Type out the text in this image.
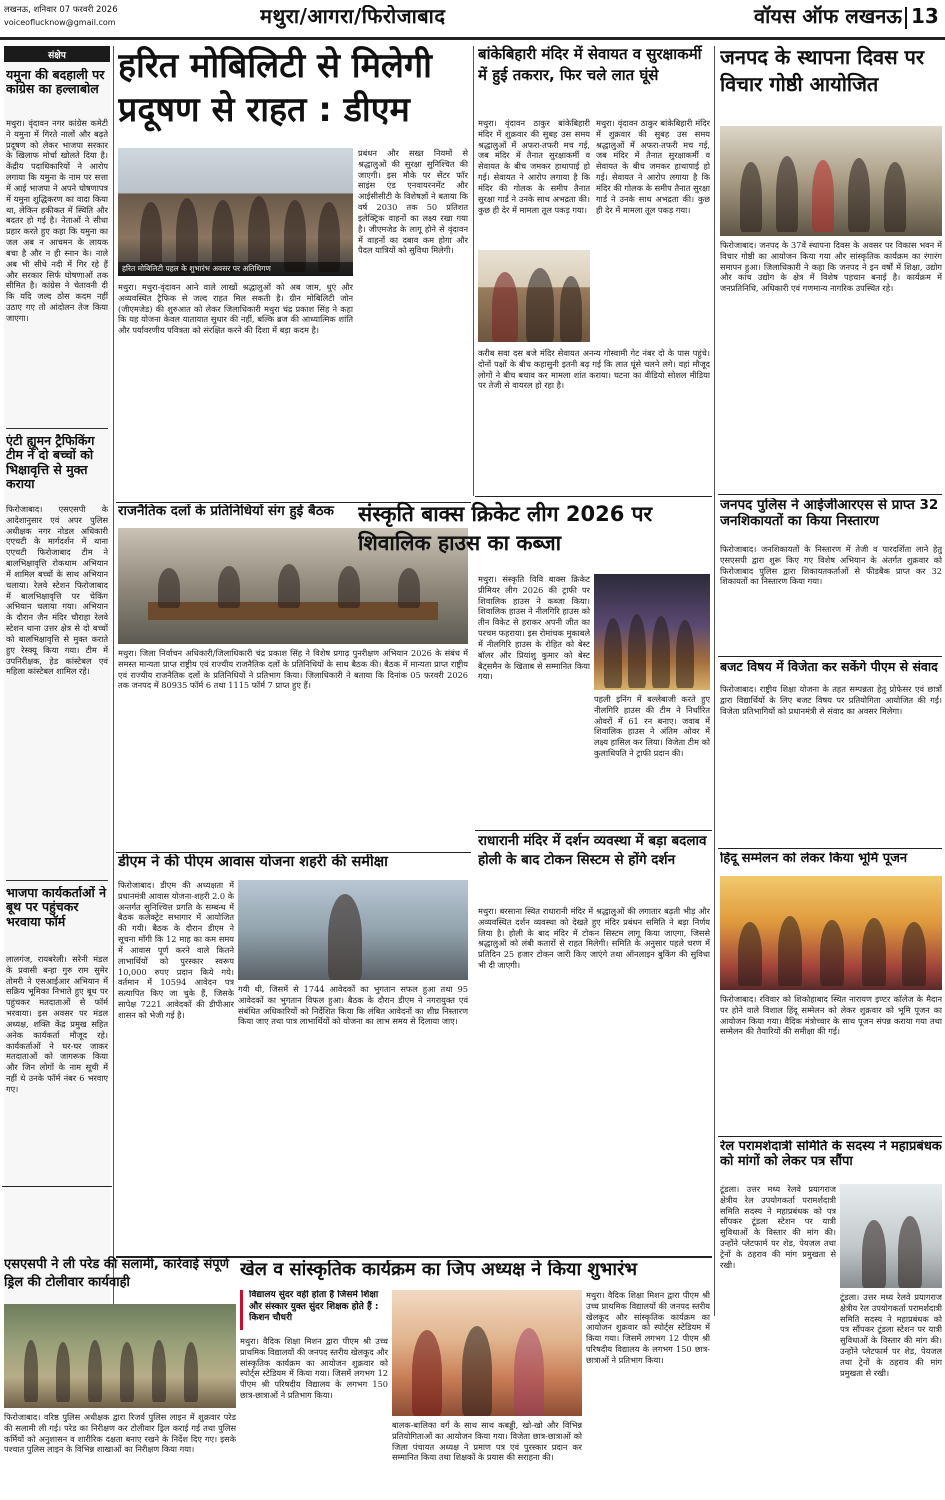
लखनऊ, शनिवार 07 फरवरी 2026
voiceoflucknow@gmail.com	मथुरा/आगरा/फिरोजाबाद	वॉयस ऑफ लखनऊ 13
संक्षेप
यमुना की बदहाली पर कांग्रेस का हल्लाबोल
मथुरा। वृंदावन नगर कांग्रेस कमेटी ने यमुना में गिरते नालों और बढ़ते प्रदूषण को लेकर भाजपा सरकार के खिलाफ मोर्चा खोलते दिया है। केंद्रीय पदाधिकारियों ने आरोप लगाया कि यमुना के नाम पर सत्ता में आई भाजपा ने अपने घोषणापत्र में यमुना शुद्धिकरण का वादा किया था, लेकिन हकीकत में स्थिति और बदतर हो गई है। नेताओं ने सीधा प्रहार करते हुए कहा कि यमुना का जल अब न आचमन के लायक बचा है और न ही स्नान के। नाले अब भी सीधे नदी में गिर रहे हैं और सरकार सिर्फ घोषणाओं तक सीमित है। कांग्रेस ने चेतावनी दी कि यदि जल्द ठोस कदम नहीं उठाए गए तो आंदोलन तेज किया जाएगा।
एंटी ह्यूमन ट्रैफिकिंग टीम ने दो बच्चों को भिक्षावृत्ति से मुक्त कराया
फिरोजाबाद। एसएसपी के आदेशानुसार एवं अपर पुलिस अधीक्षक नगर नोडल अधिकारी एएचटी के मार्गदर्शन में थाना एएचटी फिरोजाबाद टीम ने बालभिक्षावृत्ति रोकथाम अभियान में शामिल बच्चों के साथ अभियान चलाया। रेलवे स्टेशन फिरोजाबाद में बालभिक्षावृत्ति पर चेकिंग अभियान चलाया गया। अभियान के दौरान जैन मंदिर चौराहा रेलवे स्टेशन थाना उत्तर क्षेत्र से दो बच्चों को बालभिक्षावृत्ति से मुक्त कराते हुए रेस्क्यू किया गया। टीम में उपनिरीक्षक, हेड कांस्टेबल एवं महिला कांस्टेबल शामिल रहे।
भाजपा कार्यकर्ताओं ने बूथ पर पहुंचकर भरवाया फॉर्म
लालगंज, रायबरेली। सरेनी मंडल के प्रवासी बन्हा गुरु राम सुमेर तोमरी ने एसआईआर अभियान में सक्रिय भूमिका निभाते हुए बूथ पर पहुंचकर मतदाताओं से फॉर्म भरवाया। इस अवसर पर मंडल अध्यक्ष, शक्ति केंद्र प्रमुख सहित अनेक कार्यकर्ता मौजूद रहे। कार्यकर्ताओं ने घर-घर जाकर मतदाताओं को जागरूक किया और जिन लोगों के नाम सूची में नहीं थे उनके फॉर्म नंबर 6 भरवाए गए।
हरित मोबिलिटी से मिलेगी प्रदूषण से राहत : डीएम
हरित मोबिलिटी पहल के शुभारंभ अवसर पर अतिथिगण
मथुरा। मथुरा-वृंदावन आने वाले लाखों श्रद्धालुओं को अब जाम, धुएं और अव्यवस्थित ट्रैफिक से जल्द राहत मिल सकती है। ग्रीन मोबिलिटी जोन (जीएमजेड) की शुरुआत को लेकर जिलाधिकारी मथुरा चंद्र प्रकाश सिंह ने कहा कि यह योजना केवल यातायात सुधार की नहीं, बल्कि ब्रज की आध्यात्मिक शांति और पर्यावरणीय पवित्रता को संरक्षित करने की दिशा में बड़ा कदम है।
प्रबंधन और सख्त नियमों से श्रद्धालुओं की सुरक्षा सुनिश्चित की जाएगी। इस मौके पर सेंटर फॉर साइंस एंड एनवायरनमेंट और आईसीसीटी के विशेषज्ञों ने बताया कि वर्ष 2030 तक 50 प्रतिशत इलेक्ट्रिक वाहनों का लक्ष्य रखा गया है। जीएमजेड के लागू होने से वृंदावन में वाहनों का दबाव कम होगा और पैदल यात्रियों को सुविधा मिलेगी।
बांकेबिहारी मंदिर में सेवायत व सुरक्षाकर्मी में हुई तकरार, फिर चले लात घूंसे
मथुरा। वृंदावन ठाकुर बांकेबिहारी मंदिर में शुक्रवार की सुबह उस समय श्रद्धालुओं में अफरा-तफरी मच गई, जब मंदिर में तैनात सुरक्षाकर्मी व सेवायत के बीच जमकर हाथापाई हो गई। सेवायत ने आरोप लगाया है कि मंदिर की गोलक के समीप तैनात सुरक्षा गार्ड ने उनके साथ अभद्रता की। कुछ ही देर में मामला तूल पकड़ गया।
करीब सवा दस बजे मंदिर सेवायत अनन्य गोस्वामी गेट नंबर दो के पास पहुंचे। दोनों पक्षों के बीच कहासुनी इतनी बढ़ गई कि लात घूंसे चलने लगे। वहां मौजूद लोगों ने बीच बचाव कर मामला शांत कराया। घटना का वीडियो सोशल मीडिया पर तेजी से वायरल हो रहा है।
मथुरा। वृंदावन ठाकुर बांकेबिहारी मंदिर में शुक्रवार की सुबह उस समय श्रद्धालुओं में अफरा-तफरी मच गई, जब मंदिर में तैनात सुरक्षाकर्मी व सेवायत के बीच जमकर हाथापाई हो गई। सेवायत ने आरोप लगाया है कि मंदिर की गोलक के समीप तैनात सुरक्षा गार्ड ने उनके साथ अभद्रता की। कुछ ही देर में मामला तूल पकड़ गया।
जनपद के स्थापना दिवस पर विचार गोष्ठी आयोजित
फिरोजाबाद। जनपद के 37वें स्थापना दिवस के अवसर पर विकास भवन में विचार गोष्ठी का आयोजन किया गया और सांस्कृतिक कार्यक्रम का रंगारंग समापन हुआ। जिलाधिकारी ने कहा कि जनपद ने इन वर्षों में शिक्षा, उद्योग और कांच उद्योग के क्षेत्र में विशेष पहचान बनाई है। कार्यक्रम में जनप्रतिनिधि, अधिकारी एवं गणमान्य नागरिक उपस्थित रहे।
जनपद पुलिस ने आईजीआरएस से प्राप्त 32 जनशिकायतों का किया निस्तारण
फिरोजाबाद। जनशिकायतों के निस्तारण में तेजी व पारदर्शिता लाने हेतु एसएसपी द्वारा शुरू किए गए विशेष अभियान के अंतर्गत शुक्रवार को फिरोजाबाद पुलिस द्वारा शिकायतकर्ताओं से फीडबैक प्राप्त कर 32 शिकायतों का निस्तारण किया गया।
बजट विषय में विजेता कर सकेंगे पीएम से संवाद
फिरोजाबाद। राष्ट्रीय शिक्षा योजना के तहत सम्पन्नता हेतु प्रोफेसर एवं छात्रों द्वारा विद्यार्थियों के लिए बजट विषय पर प्रतियोगिता आयोजित की गई। विजेता प्रतिभागियों को प्रधानमंत्री से संवाद का अवसर मिलेगा।
हिंदू सम्मेलन को लेकर किया भूमि पूजन
फिरोजाबाद। रविवार को शिकोहाबाद स्थित नारायण इण्टर कॉलेज के मैदान पर होने वाले विशाल हिंदू सम्मेलन को लेकर शुक्रवार को भूमि पूजन का आयोजन किया गया। वैदिक मंत्रोच्चार के साथ पूजन संपन्न कराया गया तथा सम्मेलन की तैयारियों की समीक्षा की गई।
रेल परामर्शदात्री समिति के सदस्य ने महाप्रबंधक को मांगों को लेकर पत्र सौंपा
टूंडला। उत्तर मध्य रेलवे प्रयागराज क्षेत्रीय रेल उपयोगकर्ता परामर्शदात्री समिति सदस्य ने महाप्रबंधक को पत्र सौंपकर टूंडला स्टेशन पर यात्री सुविधाओं के विस्तार की मांग की। उन्होंने प्लेटफार्म पर शेड, पेयजल तथा ट्रेनों के ठहराव की मांग प्रमुखता से रखी।
टूंडला। उत्तर मध्य रेलवे प्रयागराज क्षेत्रीय रेल उपयोगकर्ता परामर्शदात्री समिति सदस्य ने महाप्रबंधक को पत्र सौंपकर टूंडला स्टेशन पर यात्री सुविधाओं के विस्तार की मांग की। उन्होंने प्लेटफार्म पर शेड, पेयजल तथा ट्रेनों के ठहराव की मांग प्रमुखता से रखी।
राजनैतिक दलों के प्रतिनिधियों संग हुई बैठक
मथुरा। जिला निर्वाचन अधिकारी/जिलाधिकारी चंद्र प्रकाश सिंह ने विशेष प्रगाढ़ पुनरीक्षण अभियान 2026 के संबंध में समस्त मान्यता प्राप्त राष्ट्रीय एवं राज्यीय राजनैतिक दलों के प्रतिनिधियों के साथ बैठक की। बैठक में मान्यता प्राप्त राष्ट्रीय एवं राज्यीय राजनैतिक दलों के प्रतिनिधियों ने प्रतिभाग किया। जिलाधिकारी ने बताया कि दिनांक 05 फरवरी 2026 तक जनपद में 80935 फॉर्म 6 तथा 1115 फॉर्म 7 प्राप्त हुए हैं।
डीएम ने की पीएम आवास योजना शहरी की समीक्षा
फिरोजाबाद। डीएम की अध्यक्षता में प्रधानमंत्री आवास योजना-शहरी 2.0 के अन्तर्गत सुनिश्चित्त प्रगति के सम्बन्ध में बैठक कलेक्ट्रेट सभागार में आयोजित की गयी। बैठक के दौरान डीएम ने सूचना माँगी कि 12 माह का कम समय में आवास पूर्ण करने वाले कितने लाभार्थियों को पुरस्कार स्वरूप 10,000 रुपए प्रदान किये गये। वर्तमान में 10594 आवेदन पत्र सत्यापित किए जा चुके हैं, जिसके सापेक्ष 7221 आवेदकों की डीपीआर शासन को भेजी गई है।
गयी थी, जिसमें से 1744 आवेदकों का भुगतान सफल हुआ तथा 95 आवेदकों का भुगतान विफल हुआ। बैठक के दौरान डीएम ने नगरायुक्त एवं संबंधित अधिकारियों को निर्देशित किया कि लंबित आवेदनों का शीघ्र निस्तारण किया जाए तथा पात्र लाभार्थियों को योजना का लाभ समय से दिलाया जाए।
संस्कृति बाक्स क्रिकेट लीग 2026 पर शिवालिक हाउस का कब्जा
मथुरा। संस्कृति विवि बाक्स क्रिकेट प्रीमियर लीग 2026 की ट्राफी पर शिवालिक हाउस ने कब्जा किया। शिवालिक हाउस ने नीलगिरि हाउस को तीन विकेट से हराकर अपनी जीत का परचम फहराया। इस रोमांचक मुकाबले में नीलगिरि हाउस के रोहित को बेस्ट बॉलर और प्रियांशु कुमार को बेस्ट बैट्समैन के खिताब से सम्मानित किया गया।
पहली इनिंग में बल्लेबाजी करते हुए नीलगिरि हाउस की टीम ने निर्धारित ओवरों में 61 रन बनाए। जवाब में शिवालिक हाउस ने अंतिम ओवर में लक्ष्य हासिल कर लिया। विजेता टीम को कुलाधिपति ने ट्राफी प्रदान की।
राधारानी मंदिर में दर्शन व्यवस्था में बड़ा बदलाव होली के बाद टोकन सिस्टम से होंगे दर्शन
मथुरा। बरसाना स्थित राधारानी मंदिर में श्रद्धालुओं की लगातार बढ़ती भीड़ और अव्यवस्थित दर्शन व्यवस्था को देखते हुए मंदिर प्रबंधन समिति ने बड़ा निर्णय लिया है। होली के बाद मंदिर में टोकन सिस्टम लागू किया जाएगा, जिससे श्रद्धालुओं को लंबी कतारों से राहत मिलेगी। समिति के अनुसार पहले चरण में प्रतिदिन 25 हजार टोकन जारी किए जाएंगे तथा ऑनलाइन बुकिंग की सुविधा भी दी जाएगी।
खेल व सांस्कृतिक कार्यक्रम का जिप अध्यक्ष ने किया शुभारंभ
विद्यालय सुंदर वही होता है जिसमें शिक्षा और संस्कार युक्त सुंदर शिक्षक होते हैं : किशन चौधरी
मथुरा। वैदिक शिक्षा मिशन द्वारा पीएम श्री उच्च प्राथमिक विद्यालयों की जनपद स्तरीय खेलकूद और सांस्कृतिक कार्यक्रम का आयोजन शुक्रवार को स्पोर्ट्स स्टेडियम में किया गया। जिसमें लगभग 12 पीएम श्री परिषदीय विद्यालय के लगभग 150 छात्र-छात्राओं ने प्रतिभाग किया।
बालक-बालिका वर्ग के साथ साथ कबड्डी, खो-खो और विभिन्न प्रतियोगिताओं का आयोजन किया गया। विजेता छात्र-छात्राओं को जिला पंचायत अध्यक्ष ने प्रमाण पत्र एवं पुरस्कार प्रदान कर सम्मानित किया तथा शिक्षकों के प्रयास की सराहना की।
मथुरा। वैदिक शिक्षा मिशन द्वारा पीएम श्री उच्च प्राथमिक विद्यालयों की जनपद स्तरीय खेलकूद और सांस्कृतिक कार्यक्रम का आयोजन शुक्रवार को स्पोर्ट्स स्टेडियम में किया गया। जिसमें लगभग 12 पीएम श्री परिषदीय विद्यालय के लगभग 150 छात्र-छात्राओं ने प्रतिभाग किया।
एसएसपी ने ली परेड की सलामी, कार्रवाई संपूर्ण ड्रिल की टोलीवार कार्यवाही
फिरोजाबाद। वरिष्ठ पुलिस अधीक्षक द्वारा रिजर्व पुलिस लाइन में शुक्रवार परेड की सलामी ली गई। परेड का निरीक्षण कर टोलीवार ड्रिल कराई गई तथा पुलिस कर्मियों को अनुशासन व शारीरिक दक्षता बनाए रखने के निर्देश दिए गए। इसके पश्चात पुलिस लाइन के विभिन्न शाखाओं का निरीक्षण किया गया।
